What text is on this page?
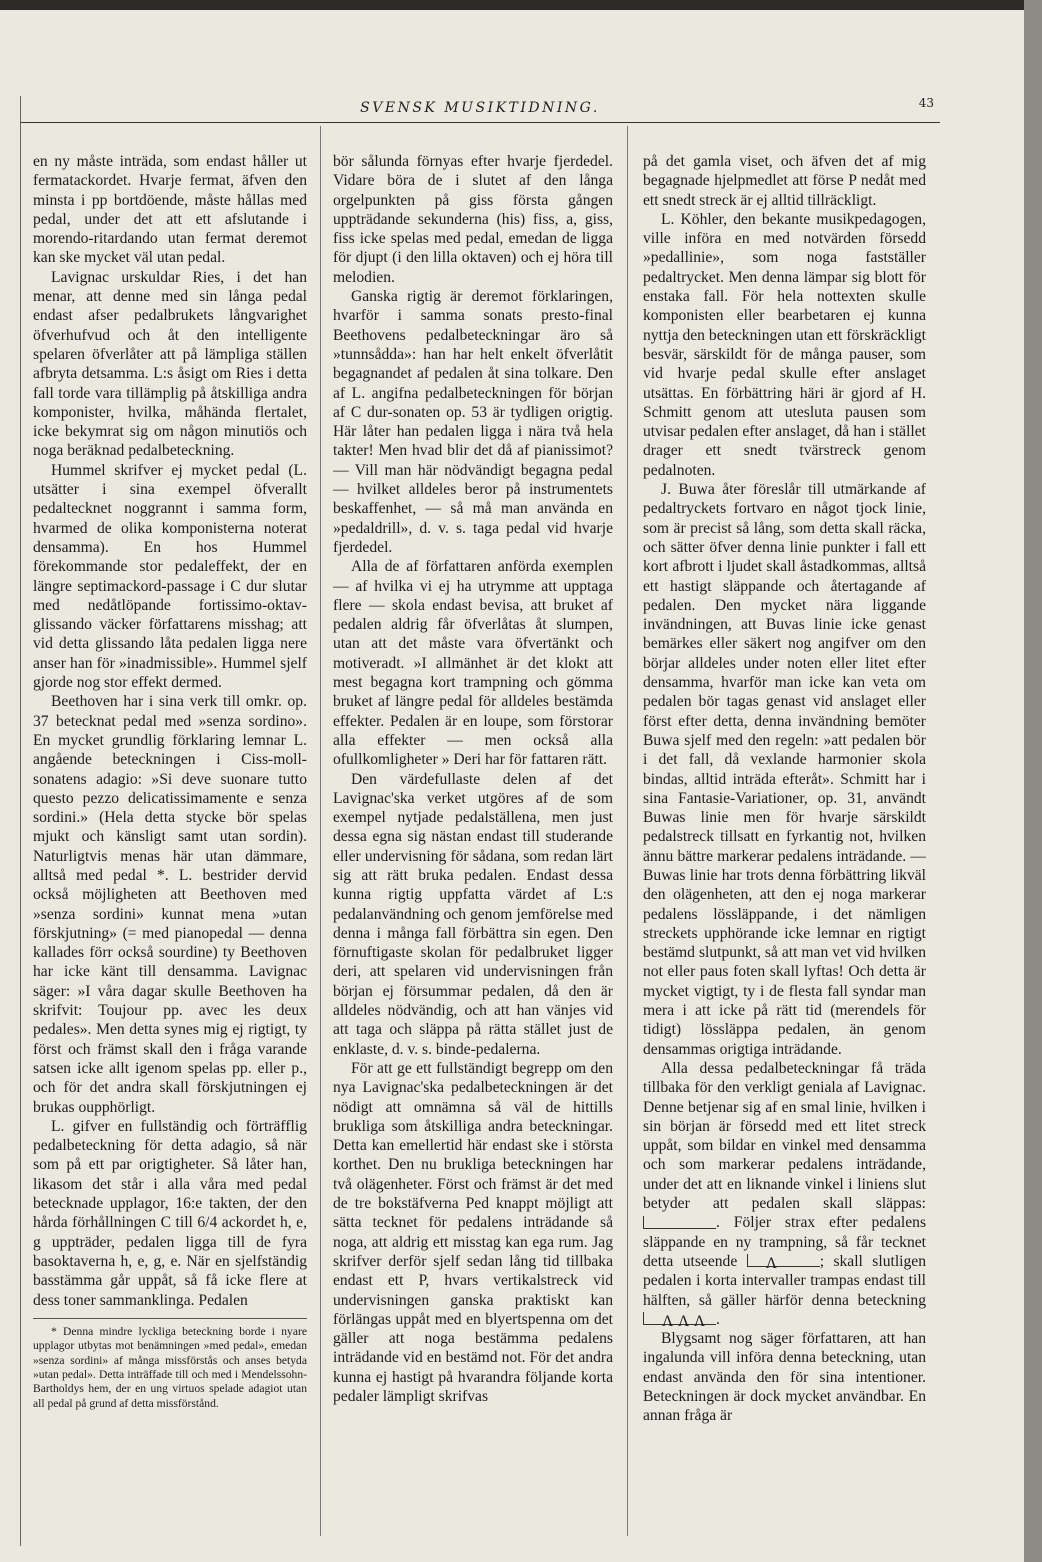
SVENSK MUSIKTIDNING.	43

en ny måste inträda, som endast håller ut fermatackordet. Hvarje fermat, äfven den minsta i pp bortdöende, måste hållas med pedal, under det att ett afslutande i morendo-ritardando utan fermat deremot kan ske mycket väl utan pedal.

Lavignac urskuldar Ries, i det han menar, att denne med sin långa pedal endast afser pedalbrukets långvarighet öfverhufvud och åt den intelligente spelaren öfverlåter att på lämpliga ställen afbryta detsamma. L:s åsigt om Ries i detta fall torde vara tillämplig på åtskilliga andra komponister, hvilka, måhända flertalet, icke bekymrat sig om någon minutiös och noga beräknad pedalbeteckning.

Hummel skrifver ej mycket pedal (L. utsätter i sina exempel öfverallt pedaltecknet noggrannt i samma form, hvarmed de olika komponisterna noterat densamma). En hos Hummel förekommande stor pedaleffekt, der en längre septimackord-passage i C dur slutar med nedåtlöpande fortissimo-oktav-glissando väcker författarens misshag; att vid detta glissando låta pedalen ligga nere anser han för »inadmissible». Hummel sjelf gjorde nog stor effekt dermed.

Beethoven har i sina verk till omkr. op. 37 betecknat pedal med »senza sordino». En mycket grundlig förklaring lemnar L. angående beteckningen i Ciss-moll-sonatens adagio: »Si deve suonare tutto questo pezzo delicatissimamente e senza sordini.» (Hela detta stycke bör spelas mjukt och känsligt samt utan sordin). Naturligtvis menas här utan dämmare, alltså med pedal *. L. bestrider dervid också möjligheten att Beethoven med »senza sordini» kunnat mena »utan förskjutning» (= med pianopedal — denna kallades förr också sourdine) ty Beethoven har icke känt till densamma. Lavignac säger: »I våra dagar skulle Beethoven ha skrifvit: Toujour pp. avec les deux pedales». Men detta synes mig ej rigtigt, ty först och främst skall den i fråga varande satsen icke allt igenom spelas pp. eller p., och för det andra skall förskjutningen ej brukas oupphörligt.

L. gifver en fullständig och förträfflig pedalbeteckning för detta adagio, så när som på ett par origtigheter. Så låter han, likasom det står i alla våra med pedal betecknade upplagor, 16:e takten, der den hårda förhållningen C till 6/4 ackordet h, e, g uppträder, pedalen ligga till de fyra basoktaverna h, e, g, e. När en sjelfständig basstämma går uppåt, så få icke flere at dess toner sammanklinga. Pedalen

* Denna mindre lyckliga beteckning borde i nyare upplagor utbytas mot benämningen »med pedal», emedan »senza sordini» af många missförstås och anses betyda »utan pedal». Detta inträffade till och med i Mendelssohn-Bartholdys hem, der en ung virtuos spelade adagiot utan all pedal på grund af detta missförstånd.

bör sålunda förnyas efter hvarje fjerdedel. Vidare böra de i slutet af den långa orgelpunkten på giss första gången uppträdande sekunderna (his) fiss, a, giss, fiss icke spelas med pedal, emedan de ligga för djupt (i den lilla oktaven) och ej höra till melodien.

Ganska rigtig är deremot förklaringen, hvarför i samma sonats presto-final Beethovens pedalbeteckningar äro så »tunnsådda»: han har helt enkelt öfverlåtit begagnandet af pedalen åt sina tolkare. Den af L. angifna pedalbeteckningen för början af C dur-sonaten op. 53 är tydligen origtig. Här låter han pedalen ligga i nära två hela takter! Men hvad blir det då af pianissimot? — Vill man här nödvändigt begagna pedal — hvilket alldeles beror på instrumentets beskaffenhet, — så må man använda en »pedaldrill», d. v. s. taga pedal vid hvarje fjerdedel.

Alla de af författaren anförda exemplen — af hvilka vi ej ha utrymme att upptaga flere — skola endast bevisa, att bruket af pedalen aldrig får öfverlåtas åt slumpen, utan att det måste vara öfvertänkt och motiveradt. »I allmänhet är det klokt att mest begagna kort trampning och gömma bruket af längre pedal för alldeles bestämda effekter. Pedalen är en loupe, som förstorar alla effekter — men också alla ofullkomligheter » Deri har för fattaren rätt.

Den värdefullaste delen af det Lavignac'ska verket utgöres af de som exempel nytjade pedalställena, men just dessa egna sig nästan endast till studerande eller undervisning för sådana, som redan lärt sig att rätt bruka pedalen. Endast dessa kunna rigtig uppfatta värdet af L:s pedalanvändning och genom jemförelse med denna i många fall förbättra sin egen. Den förnuftigaste skolan för pedalbruket ligger deri, att spelaren vid undervisningen från början ej försummar pedalen, då den är alldeles nödvändig, och att han vänjes vid att taga och släppa på rätta stället just de enklaste, d. v. s. binde-pedalerna.

För att ge ett fullständigt begrepp om den nya Lavignac'ska pedalbeteckningen är det nödigt att omnämna så väl de hittills brukliga som åtskilliga andra beteckningar. Detta kan emellertid här endast ske i största korthet. Den nu brukliga beteckningen har två olägenheter. Först och främst är det med de tre bokstäfverna Ped knappt möjligt att sätta tecknet för pedalens inträdande så noga, att aldrig ett misstag kan ega rum. Jag skrifver derför sjelf sedan lång tid tillbaka endast ett P, hvars vertikalstreck vid undervisningen ganska praktiskt kan förlängas uppåt med en blyertspenna om det gäller att noga bestämma pedalens inträdande vid en bestämd not. För det andra kunna ej hastigt på hvarandra följande korta pedaler lämpligt skrifvas

på det gamla viset, och äfven det af mig begagnade hjelpmedlet att förse P nedåt med ett snedt streck är ej alltid tillräckligt.

L. Köhler, den bekante musikpedagogen, ville införa en med notvärden försedd »pedallinie», som noga fastställer pedaltrycket. Men denna lämpar sig blott för enstaka fall. För hela nottexten skulle komponisten eller bearbetaren ej kunna nyttja den beteckningen utan ett förskräckligt besvär, särskildt för de många pauser, som vid hvarje pedal skulle efter anslaget utsättas. En förbättring häri är gjord af H. Schmitt genom att utesluta pausen som utvisar pedalen efter anslaget, då han i stället drager ett snedt tvärstreck genom pedalnoten.

J. Buwa åter föreslår till utmärkande af pedaltryckets fortvaro en något tjock linie, som är precist så lång, som detta skall räcka, och sätter öfver denna linie punkter i fall ett kort afbrott i ljudet skall åstadkommas, alltså ett hastigt släppande och återtagande af pedalen. Den mycket nära liggande invändningen, att Buvas linie icke genast bemärkes eller säkert nog angifver om den börjar alldeles under noten eller litet efter densamma, hvarför man icke kan veta om pedalen bör tagas genast vid anslaget eller först efter detta, denna invändning bemöter Buwa sjelf med den regeln: »att pedalen bör i det fall, då vexlande harmonier skola bindas, alltid inträda efteråt». Schmitt har i sina Fantasie-Variationer, op. 31, användt Buwas linie men för hvarje särskildt pedalstreck tillsatt en fyrkantig not, hvilken ännu bättre markerar pedalens inträdande. — Buwas linie har trots denna förbättring likväl den olägenheten, att den ej noga markerar pedalens lössläppande, i det nämligen streckets upphörande icke lemnar en rigtigt bestämd slutpunkt, så att man vet vid hvilken not eller paus foten skall lyftas! Och detta är mycket vigtigt, ty i de flesta fall syndar man mera i att icke på rätt tid (merendels för tidigt) lössläppa pedalen, än genom densammas origtiga inträdande.

Alla dessa pedalbeteckningar få träda tillbaka för den verkligt geniala af Lavignac. Denne betjenar sig af en smal linie, hvilken i sin början är försedd med ett litet streck uppåt, som bildar en vinkel med densamma och som markerar pedalens inträdande, under det att en liknande vinkel i liniens slut betyder att pedalen skall släppas: . Följer strax efter pedalens släppande en ny trampning, så får tecknet detta utseende Λ	; skall slutligen pedalen i korta intervaller trampas endast till hälften, så gäller härför denna beteckning Λ Λ Λ .

Blygsamt nog säger författaren, att han ingalunda vill införa denna beteckning, utan endast använda den för sina intentioner. Beteckningen är dock mycket användbar. En annan fråga är
